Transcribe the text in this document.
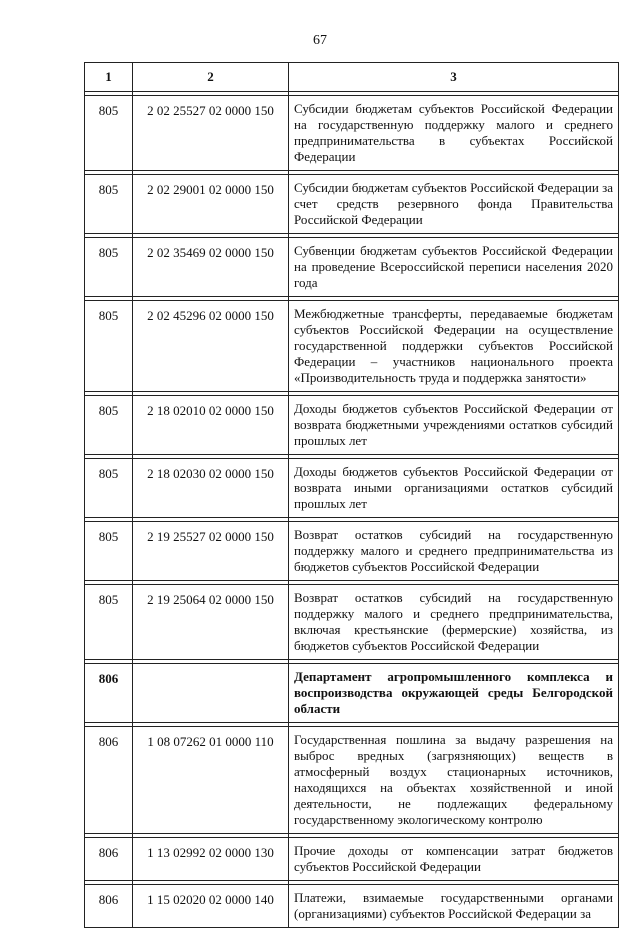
67
1	2	3

805	2 02 25527 02 0000 150	Субсидии бюджетам субъектов Российской Федерации на государственную поддержку малого и среднего предпринимательства в субъектах Российской Федерации

805	2 02 29001 02 0000 150	Субсидии бюджетам субъектов Российской Федерации за счет средств резервного фонда Правительства Российской Федерации

805	2 02 35469 02 0000 150	Субвенции бюджетам субъектов Российской Федерации на проведение Всероссийской переписи населения 2020 года

805	2 02 45296 02 0000 150	Межбюджетные трансферты, передаваемые бюджетам субъектов Российской Федерации на осуществление государственной поддержки субъектов Российской Федерации – участников национального проекта «Производительность труда и поддержка занятости»

805	2 18 02010 02 0000 150	Доходы бюджетов субъектов Российской Федерации от возврата бюджетными учреждениями остатков субсидий прошлых лет

805	2 18 02030 02 0000 150	Доходы бюджетов субъектов Российской Федерации от возврата иными организациями остатков субсидий прошлых лет

805	2 19 25527 02 0000 150	Возврат остатков субсидий на государственную поддержку малого и среднего предпринимательства из бюджетов субъектов Российской Федерации

805	2 19 25064 02 0000 150	Возврат остатков субсидий на государственную поддержку малого и среднего предпринимательства, включая крестьянские (фермерские) хозяйства, из бюджетов субъектов Российской Федерации

806		Департамент агропромышленного комплекса и воспроизводства окружающей среды Белгородской области

806	1 08 07262 01 0000 110	Государственная пошлина за выдачу разрешения на выброс вредных (загрязняющих) веществ в атмосферный воздух стационарных источников, находящихся на объектах хозяйственной и иной деятельности, не подлежащих федеральному государственному экологическому контролю

806	1 13 02992 02 0000 130	Прочие доходы от компенсации затрат бюджетов субъектов Российской Федерации

806	1 15 02020 02 0000 140	Платежи, взимаемые государственными органами (организациями) субъектов Российской Федерации за
